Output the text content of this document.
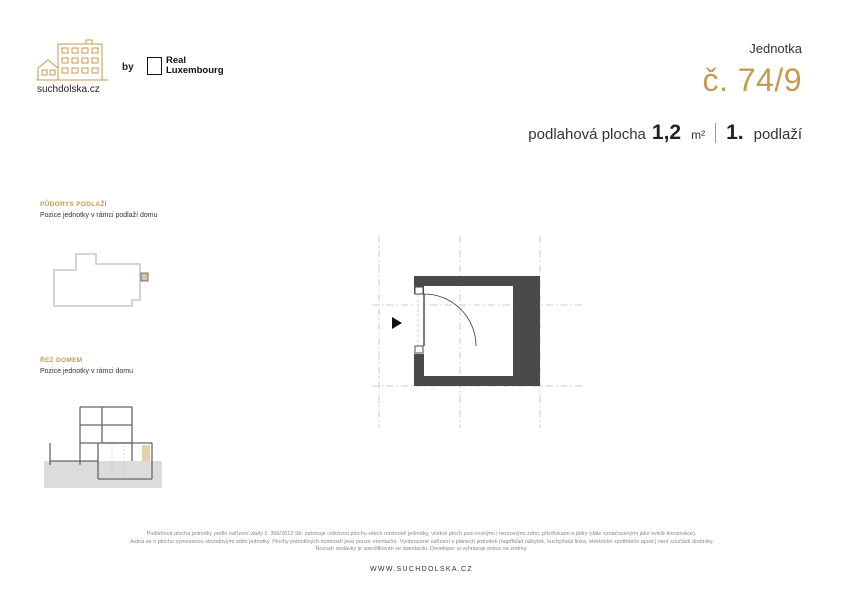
suchdolska.cz
by
Real
Luxembourg
Jednotka
č. 74/9
podlahová plocha 1,2 m² 1. podlaží
PŮDORYS PODLAŽÍ
Pozice jednotky v rámci podlaží domu
ŘEZ DOMEM
Pozice jednotky v rámci domu
Podlahová plocha jednotky podle nařízení vlády č. 366/2013 Sb. zahrnuje celkovou plochu všech místností jednotky, včetně ploch pod nosnými i nenosnými zdmi, přizdívkami a jádry (dále označovanými jako svislé konstrukce).
Jedná se o plochu vymezenou obvodovými zdmi jednotky. Plochy jednotlivých místností jsou pouze orientační. Vyobrazené zařízení v plánech jednotek (například nábytek, kuchyňská linka, elektrické spotřebiče apod.) není součástí dodávky.
Rozsah dodávky je specifikován ve standardu. Developer si vyhrazuje právo na změny.
WWW.SUCHDOLSKA.CZ
